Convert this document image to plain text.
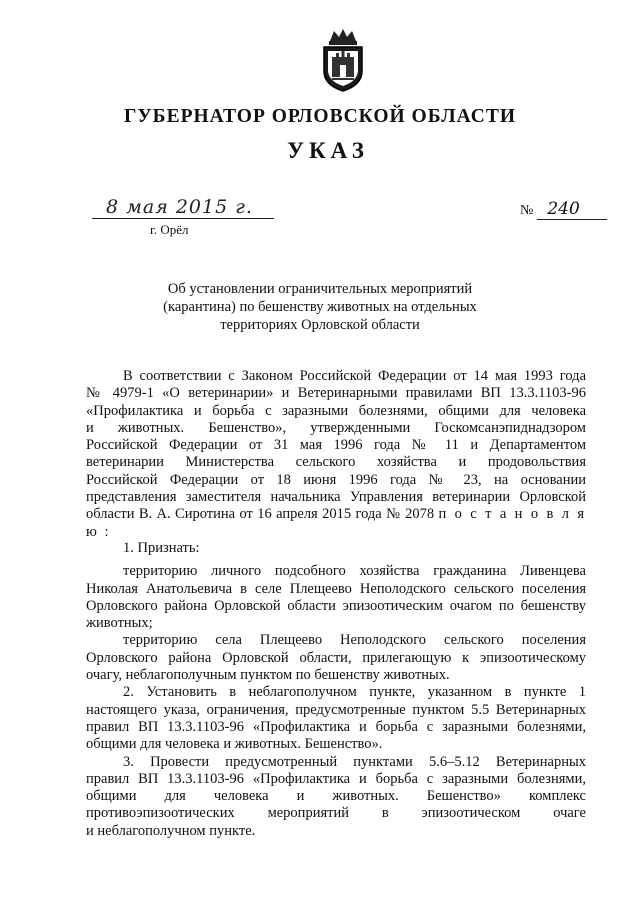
ГУБЕРНАТОР ОРЛОВСКОЙ ОБЛАСТИ
УКАЗ
8 мая 2015 г.
г. Орёл
№ 240
Об установлении ограничительных мероприятий
(карантина) по бешенству животных на отдельных
территориях Орловской области

В соответствии с Законом Российской Федерации от 14 мая 1993 года

№ 4979-1 «О ветеринарии» и Ветеринарными правилами ВП 13.3.1103-96

«Профилактика и борьба с заразными болезнями, общими для человека

и животных. Бешенство», утвержденными Госкомсанэпиднадзором

Российской Федерации от 31 мая 1996 года № 11 и Департаментом

ветеринарии Министерства сельского хозяйства и продовольствия

Российской Федерации от 18 июня 1996 года № 23, на основании

представления заместителя начальника Управления ветеринарии Орловской

области В. А. Сиротина от 16 апреля 2015 года № 2078 п о с т а н о в л я ю :

1. Признать:

территорию личного подсобного хозяйства гражданина Ливенцева

Николая Анатольевича в селе Плещеево Неполодского сельского поселения

Орловского района Орловской области эпизоотическим очагом по бешенству

животных;

территорию села Плещеево Неполодского сельского поселения

Орловского района Орловской области, прилегающую к эпизоотическому

очагу, неблагополучным пунктом по бешенству животных.

2. Установить в неблагополучном пункте, указанном в пункте 1

настоящего указа, ограничения, предусмотренные пунктом 5.5 Ветеринарных

правил ВП 13.3.1103-96 «Профилактика и борьба с заразными болезнями,

общими для человека и животных. Бешенство».

3. Провести предусмотренный пунктами 5.6–5.12 Ветеринарных

правил ВП 13.3.1103-96 «Профилактика и борьба с заразными болезнями,

общими для человека и животных. Бешенство» комплекс

противоэпизоотических мероприятий в эпизоотическом очаге

и неблагополучном пункте.
